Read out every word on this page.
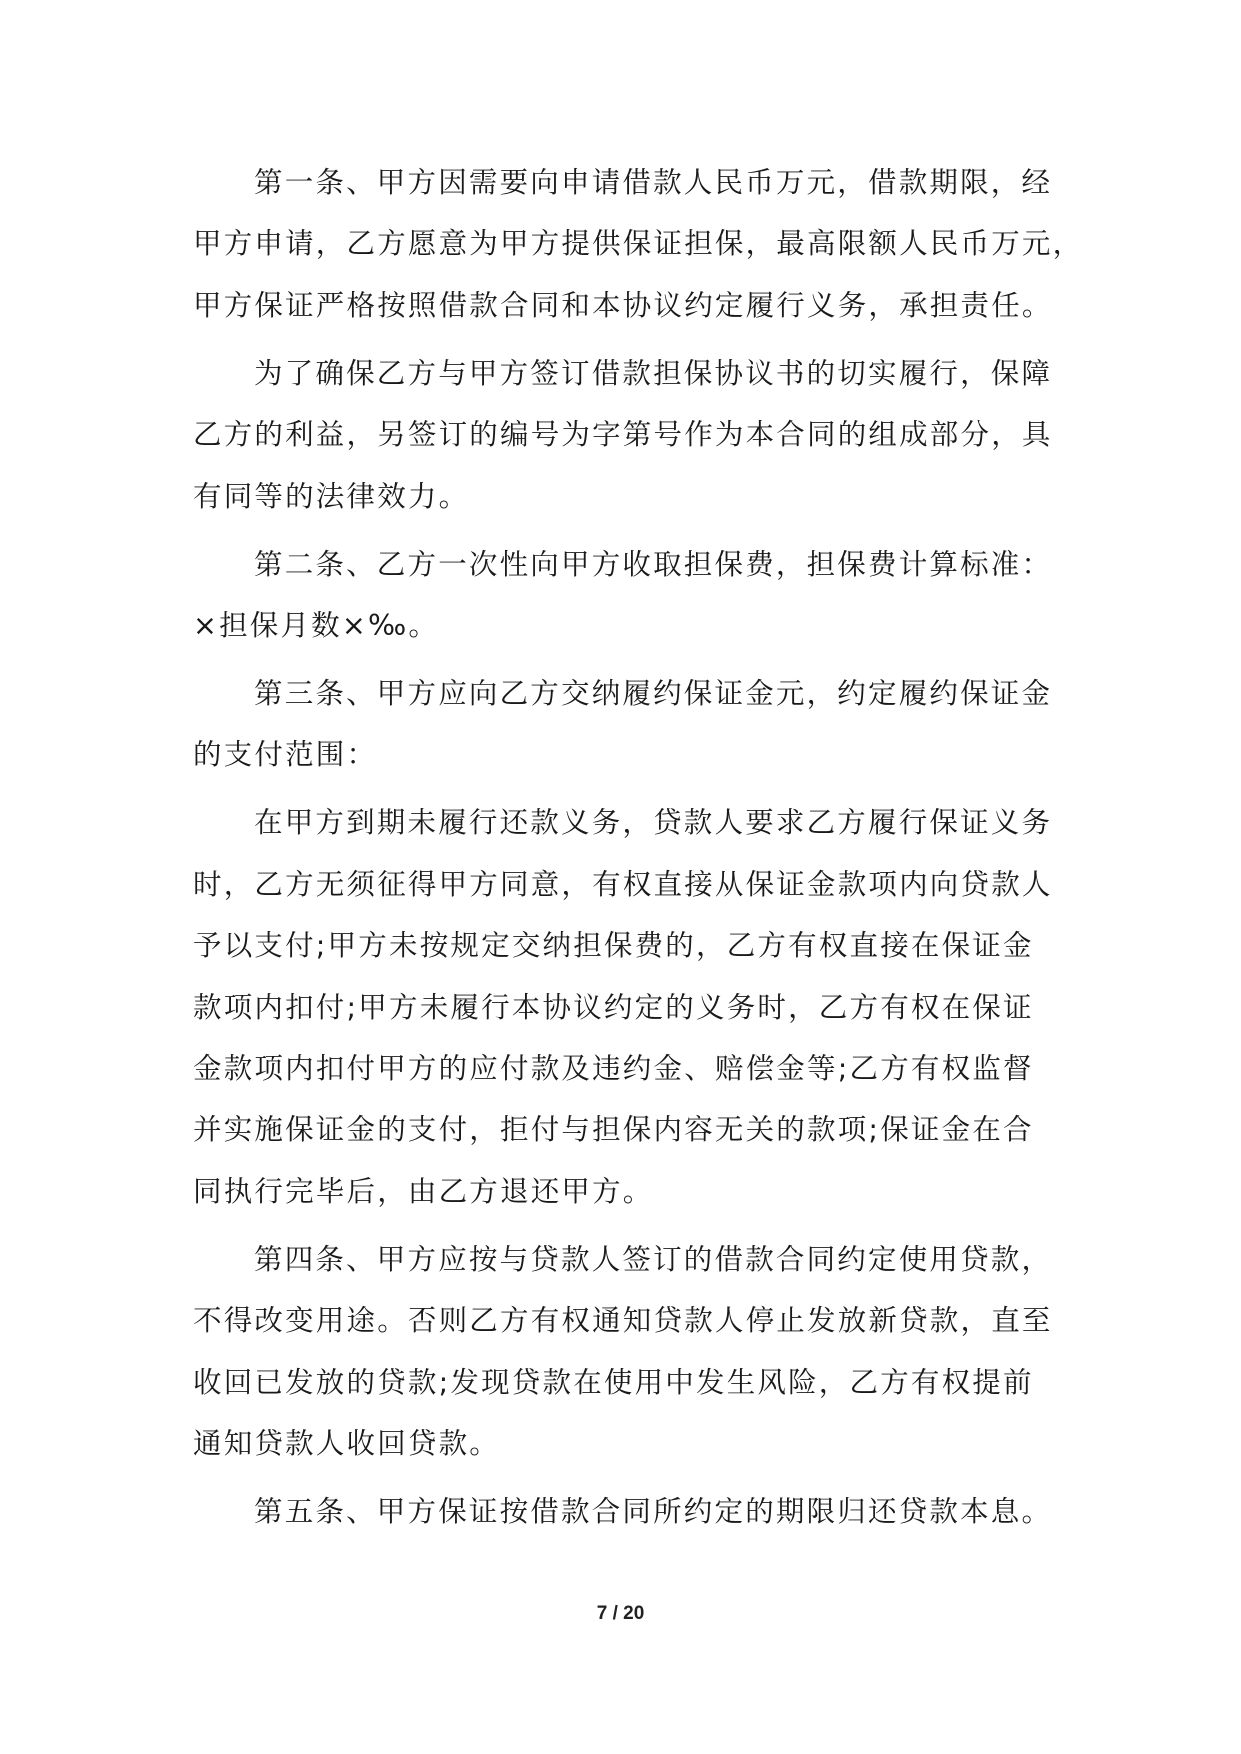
第一条、甲方因需要向申请借款人民币万元，借款期限，经
甲方申请，乙方愿意为甲方提供保证担保，最高限额人民币万元，
甲方保证严格按照借款合同和本协议约定履行义务，承担责任。

为了确保乙方与甲方签订借款担保协议书的切实履行，保障
乙方的利益，另签订的编号为字第号作为本合同的组成部分，具
有同等的法律效力。

第二条、乙方一次性向甲方收取担保费，担保费计算标准：
×担保月数×‰。

第三条、甲方应向乙方交纳履约保证金元，约定履约保证金
的支付范围：

在甲方到期未履行还款义务，贷款人要求乙方履行保证义务
时，乙方无须征得甲方同意，有权直接从保证金款项内向贷款人
予以支付;甲方未按规定交纳担保费的，乙方有权直接在保证金
款项内扣付;甲方未履行本协议约定的义务时，乙方有权在保证
金款项内扣付甲方的应付款及违约金、赔偿金等;乙方有权监督
并实施保证金的支付，拒付与担保内容无关的款项;保证金在合
同执行完毕后，由乙方退还甲方。

第四条、甲方应按与贷款人签订的借款合同约定使用贷款，
不得改变用途。否则乙方有权通知贷款人停止发放新贷款，直至
收回已发放的贷款;发现贷款在使用中发生风险，乙方有权提前
通知贷款人收回贷款。

第五条、甲方保证按借款合同所约定的期限归还贷款本息。

7 / 20
